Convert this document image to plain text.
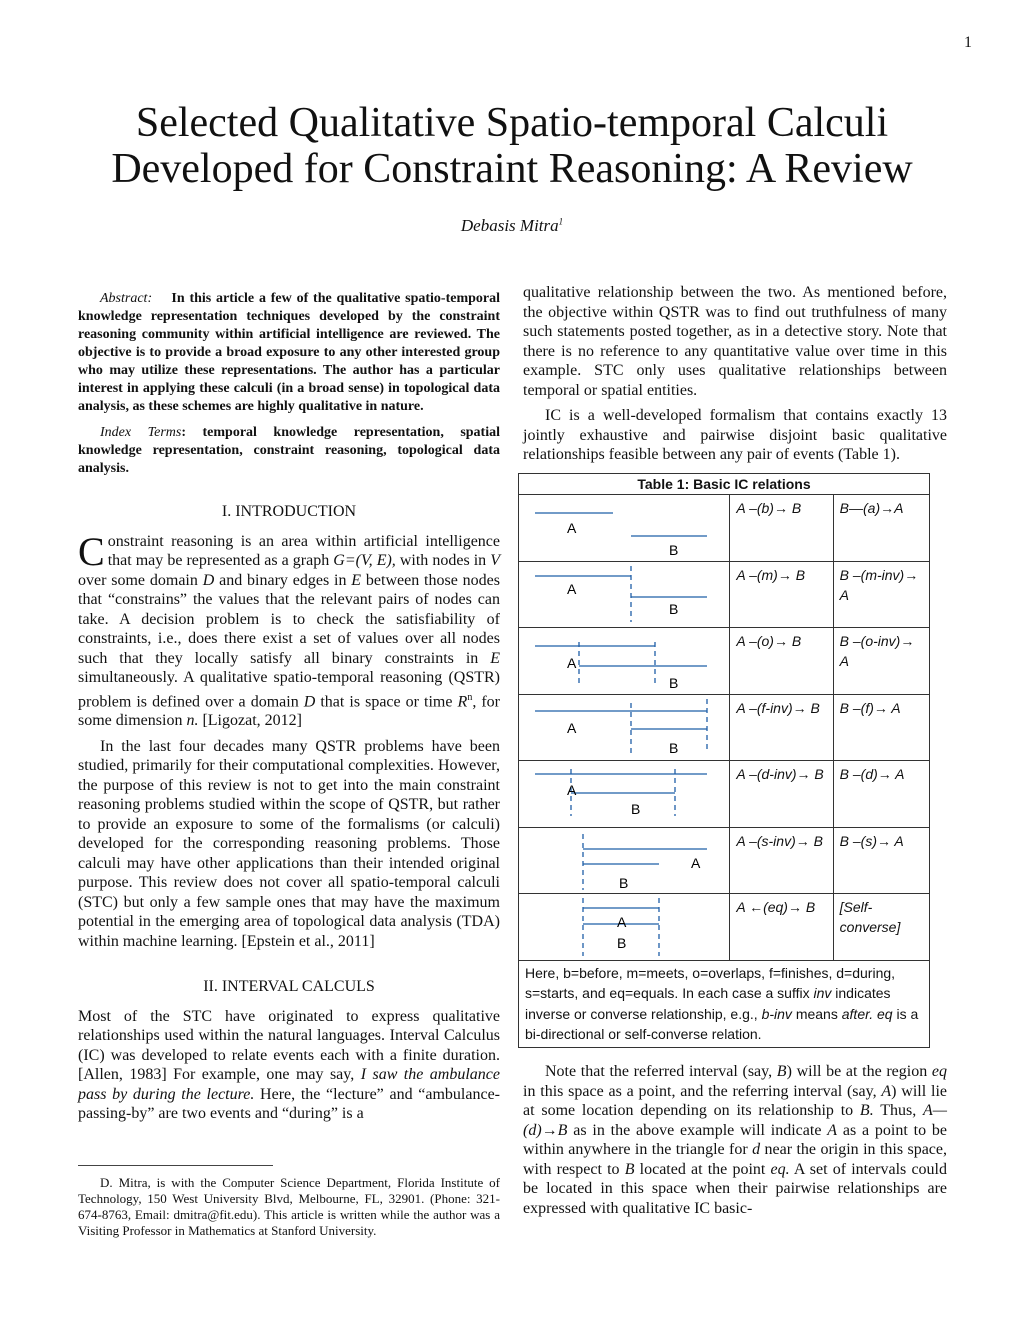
1
Selected Qualitative Spatio-temporal Calculi
Developed for Constraint Reasoning: A Review
Debasis Mitra$^1$

Abstract: In this article a few of the qualitative spatio-temporal knowledge representation techniques developed by the constraint reasoning community within artificial intelligence are reviewed. The objective is to provide a broad exposure to any other interested group who may utilize these representations. The author has a particular interest in applying these calculi (in a broad sense) in topological data analysis, as these schemes are highly qualitative in nature.

Index Terms: temporal knowledge representation, spatial knowledge representation, constraint reasoning, topological data analysis.

I. INTRODUCTION

Constraint reasoning is an area within artificial intelligence that may be represented as a graph G=(V, E), with nodes in V over some domain D and binary edges in E between those nodes that “constrains” the values that the relevant pairs of nodes can take. A decision problem is to check the satisfiability of constraints, i.e., does there exist a set of values over all nodes such that they locally satisfy all binary constraints in E simultaneously. A qualitative spatio-temporal reasoning (QSTR) problem is defined over a domain D that is space or time $R^n$, for some dimension n. [Ligozat, 2012]

In the last four decades many QSTR problems have been studied, primarily for their computational complexities. However, the purpose of this review is not to get into the main constraint reasoning problems studied within the scope of QSTR, but rather to provide an exposure to some of the formalisms (or calculi) developed for the corresponding reasoning problems. Those calculi may have other applications than their intended original purpose. This review does not cover all spatio-temporal calculi (STC) but only a few sample ones that may have the maximum potential in the emerging area of topological data analysis (TDA) within machine learning. [Epstein et al., 2011]

II. INTERVAL CALCULS

Most of the STC have originated to express qualitative relationships used within the natural languages. Interval Calculus (IC) was developed to relate events each with a finite duration. [Allen, 1983] For example, one may say, I saw the ambulance pass by during the lecture. Here, the “lecture” and “ambulance-passing-by” are two events and “during” is a

D. Mitra, is with the Computer Science Department, Florida Institute of Technology, 150 West University Blvd, Melbourne, FL, 32901. (Phone: 321-674-8763, Email: dmitra@fit.edu). This article is written while the author was a Visiting Professor in Mathematics at Stanford University.

qualitative relationship between the two. As mentioned before, the objective within QSTR was to find out truthfulness of many such statements posted together, as in a detective story. Note that there is no reference to any quantitative value over time in this example. STC only uses qualitative relationships between temporal or spatial entities.

IC is a well-developed formalism that contains exactly 13 jointly exhaustive and pairwise disjoint basic qualitative relationships feasible between any pair of events (Table 1).

Table 1: Basic IC relations
A
B
A –(b)→ B	B—(a)→A
A
B
A –(m)→ B	B –(m-inv)→ A
A
B
A –(o)→ B	B –(o-inv)→ A
A
B
A –(f-inv)→ B	B –(f)→ A
A
B
A –(d-inv)→ B	B –(d)→ A
A
B
A –(s-inv)→ B	B –(s)→ A
A
B
A ←(eq)→ B	[Self-converse]
Here, b=before, m=meets, o=overlaps, f=finishes, d=during, s=starts, and eq=equals. In each case a suffix inv indicates inverse or converse relationship, e.g., b-inv means after. eq is a bi-directional or self-converse relation.

Note that the referred interval (say, B) will be at the region eq in this space as a point, and the referring interval (say, A) will lie at some location depending on its relationship to B. Thus, A—(d)→B as in the above example will indicate A as a point to be within anywhere in the triangle for d near the origin in this space, with respect to B located at the point eq. A set of intervals could be located in this space when their pairwise relationships are expressed with qualitative IC basic-
